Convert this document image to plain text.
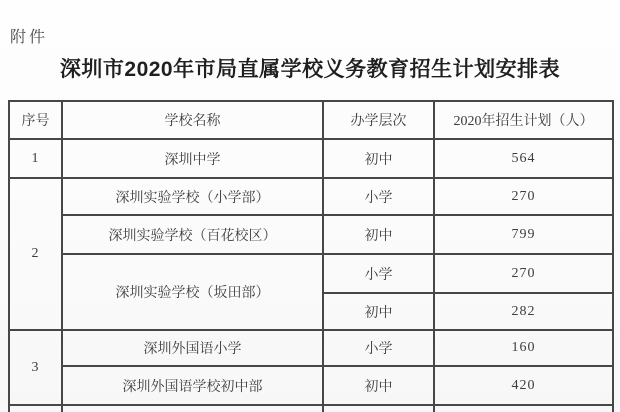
附件
深圳市2020年市局直属学校义务教育招生计划安排表
序号	学校名称	办学层次	2020年招生计划（人）
1	深圳中学	初中	564
2	深圳实验学校（小学部）	小学	270
	深圳实验学校（百花校区）	初中	799
	深圳实验学校（坂田部）	小学	270
		初中	282
3	深圳外国语小学	小学	160
	深圳外国语学校初中部	初中	420
